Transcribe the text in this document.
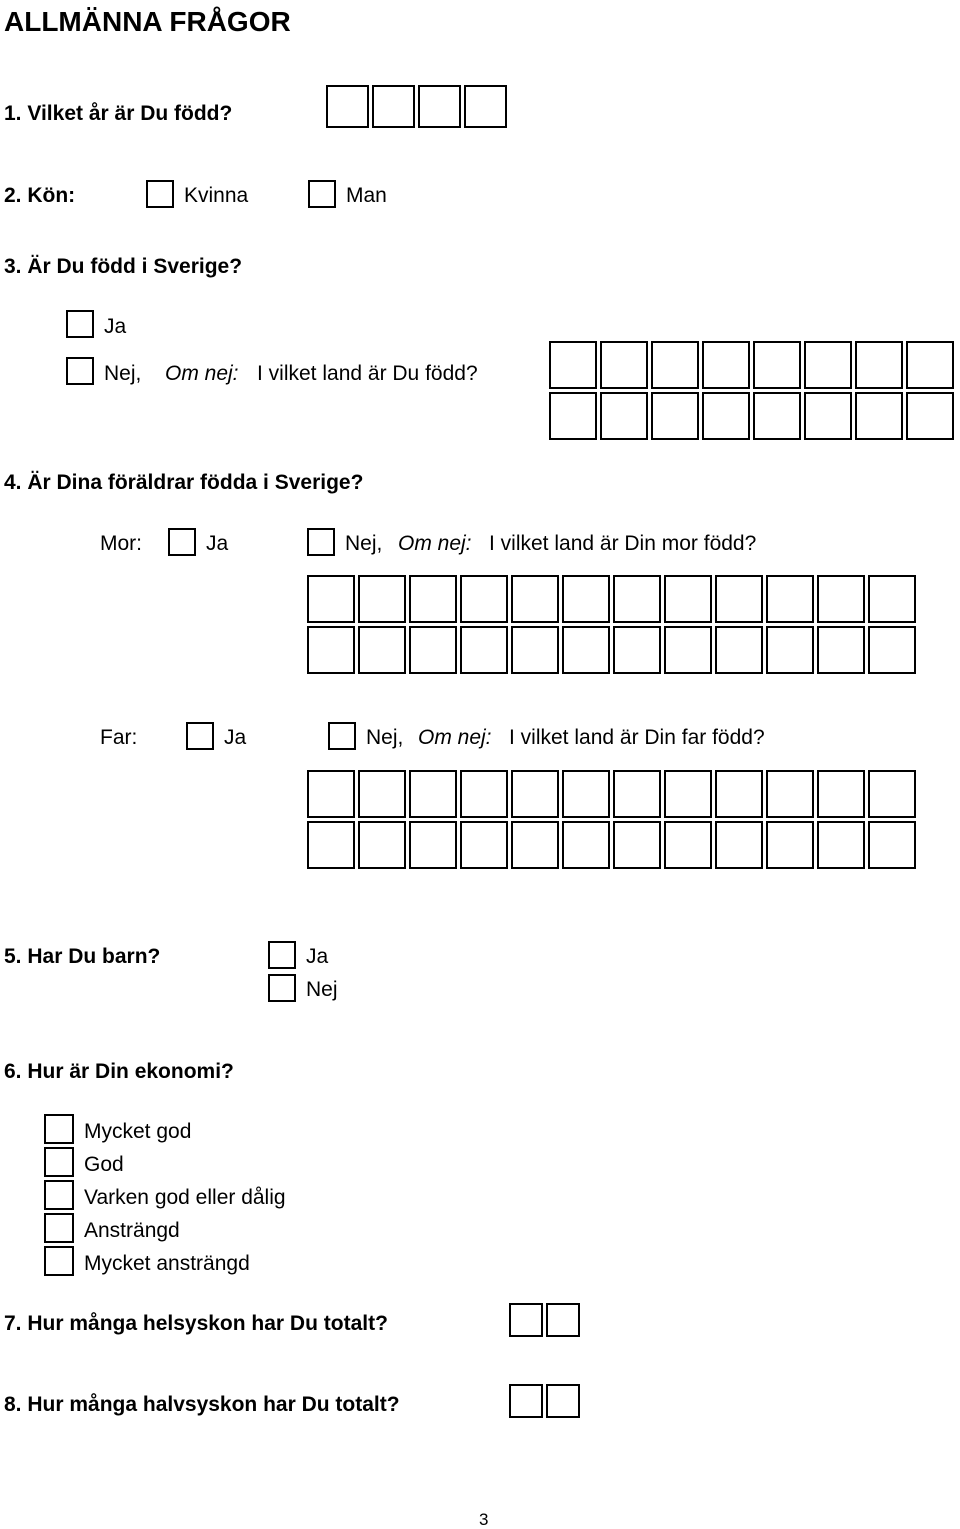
ALLMÄNNA FRÅGOR
1. Vilket år är Du född?
2. Kön:	Kvinna	Man
3. Är Du född i Sverige?
Ja
Nej, Om nej: I vilket land är Du född?
4. Är Dina föräldrar födda i Sverige?
Mor:	Ja	Nej, Om nej: I vilket land är Din mor född?
Far:	Ja	Nej, Om nej: I vilket land är Din far född?
5. Har Du barn?	Ja
Nej
6. Hur är Din ekonomi?
Mycket god
God
Varken god eller dålig
Ansträngd
Mycket ansträngd
7. Hur många helsyskon har Du totalt?
8. Hur många halvsyskon har Du totalt?
3
